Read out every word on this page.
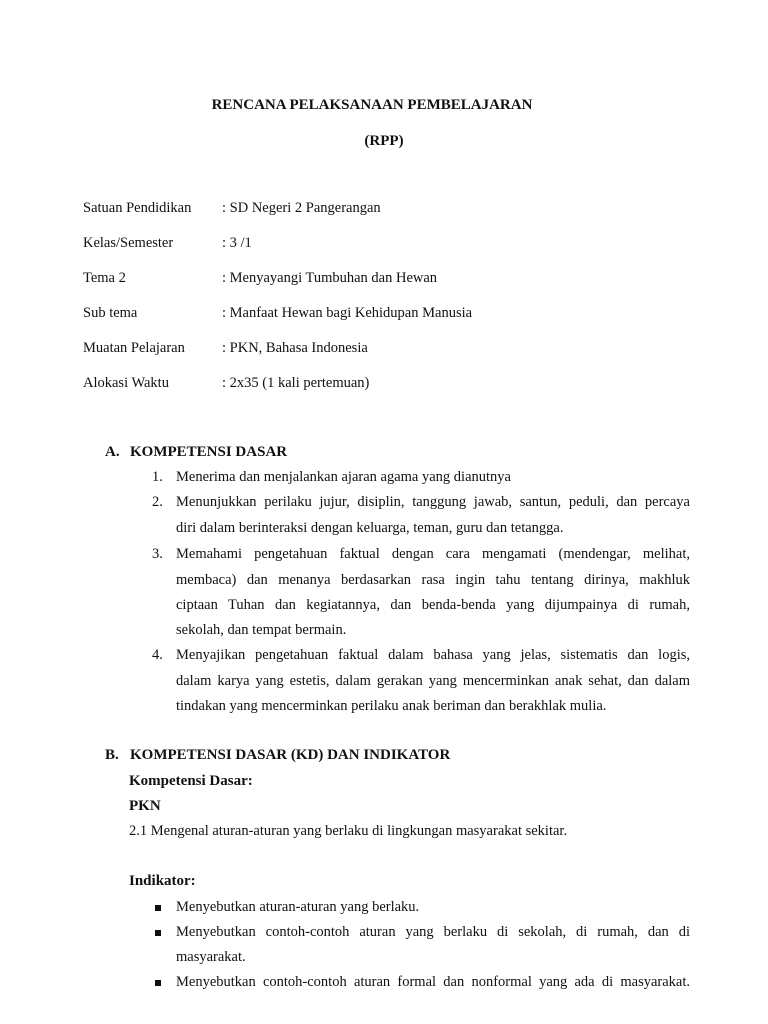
RENCANA PELAKSANAAN PEMBELAJARAN
(RPP)
Satuan Pendidikan : SD Negeri 2 Pangerangan
Kelas/Semester	: 3 /1
Tema 2	: Menyayangi Tumbuhan dan Hewan
Sub tema	: Manfaat Hewan bagi Kehidupan Manusia
Muatan Pelajaran	: PKN, Bahasa Indonesia
Alokasi Waktu	: 2x35 (1 kali pertemuan)
A. KOMPETENSI DASAR
1. Menerima dan menjalankan ajaran agama yang dianutnya
2. Menunjukkan perilaku jujur, disiplin, tanggung jawab, santun, peduli, dan percaya
diri dalam berinteraksi dengan keluarga, teman, guru dan tetangga.
3. Memahami pengetahuan faktual dengan cara mengamati (mendengar, melihat,
membaca) dan menanya berdasarkan rasa ingin tahu tentang dirinya, makhluk
ciptaan Tuhan dan kegiatannya, dan benda-benda yang dijumpainya di rumah,
sekolah, dan tempat bermain.
4. Menyajikan pengetahuan faktual dalam bahasa yang jelas, sistematis dan logis,
dalam karya yang estetis, dalam gerakan yang mencerminkan anak sehat, dan dalam
tindakan yang mencerminkan perilaku anak beriman dan berakhlak mulia.
B. KOMPETENSI DASAR (KD) DAN INDIKATOR
Kompetensi Dasar:
PKN
2.1 Mengenal aturan-aturan yang berlaku di lingkungan masyarakat sekitar.
Indikator:
Menyebutkan aturan-aturan yang berlaku.
Menyebutkan contoh-contoh aturan yang berlaku di sekolah, di rumah, dan di
masyarakat.
Menyebutkan contoh-contoh aturan formal dan nonformal yang ada di masyarakat.
